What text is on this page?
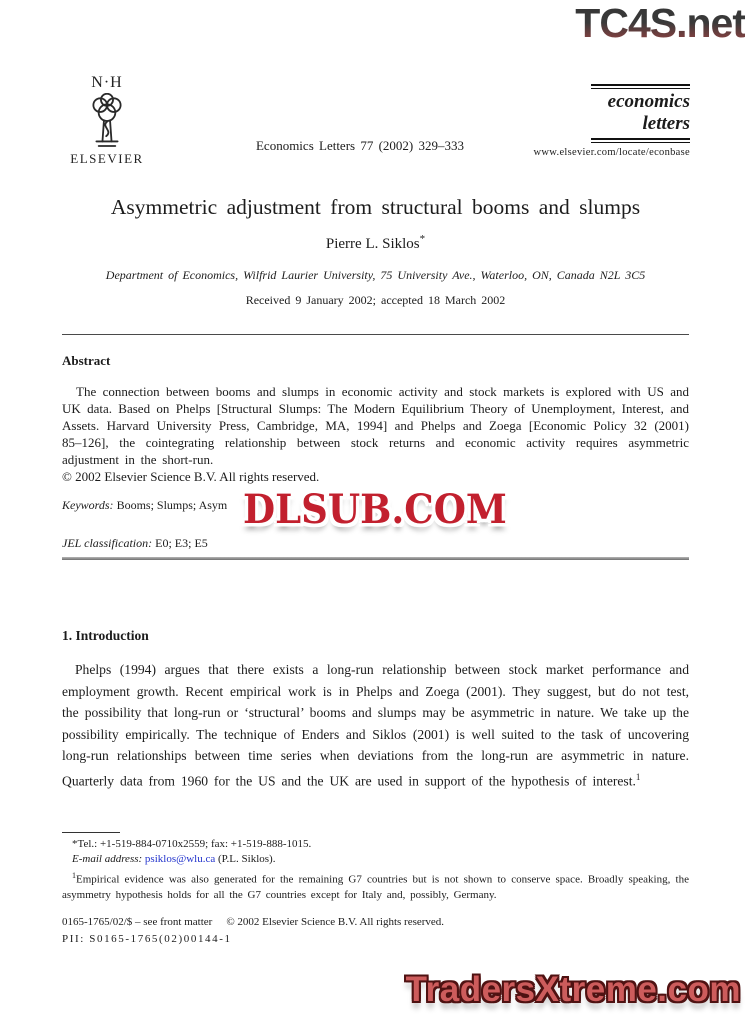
TC4S.net
DLSUB.COM
TradersXtreme.com
N·H
ELSEVIER
Economics Letters 77 (2002) 329–333
economics
letters
www.elsevier.com/locate/econbase
Asymmetric adjustment from structural booms and slumps
Pierre L. Siklos*
Department of Economics, Wilfrid Laurier University, 75 University Ave., Waterloo, ON, Canada N2L 3C5
Received 9 January 2002; accepted 18 March 2002
Abstract

The connection between booms and slumps in economic activity and stock markets is explored with US and UK data. Based on Phelps [Structural Slumps: The Modern Equilibrium Theory of Unemployment, Interest, and Assets. Harvard University Press, Cambridge, MA, 1994] and Phelps and Zoega [Economic Policy 32 (2001) 85–126], the cointegrating relationship between stock returns and economic activity requires asymmetric adjustment in the short-run.

© 2002 Elsevier Science B.V. All rights reserved.

Keywords: Booms; Slumps; Asym
JEL classification: E0; E3; E5
1. Introduction

Phelps (1994) argues that there exists a long-run relationship between stock market performance and employment growth. Recent empirical work is in Phelps and Zoega (2001). They suggest, but do not test, the possibility that long-run or ‘structural’ booms and slumps may be asymmetric in nature. We take up the possibility empirically. The technique of Enders and Siklos (2001) is well suited to the task of uncovering long-run relationships between time series when deviations from the long-run are asymmetric in nature. Quarterly data from 1960 for the US and the UK are used in support of the hypothesis of interest.$^1$

*Tel.: +1-519-884-0710x2559; fax: +1-519-888-1015.
E-mail address: psiklos@wlu.ca (P.L. Siklos).
$^1$Empirical evidence was also generated for the remaining G7 countries but is not shown to conserve space. Broadly speaking, the asymmetry hypothesis holds for all the G7 countries except for Italy and, possibly, Germany.
0165-1765/02/$ – see front matter © 2002 Elsevier Science B.V. All rights reserved.
PII: S0165-1765(02)00144-1
